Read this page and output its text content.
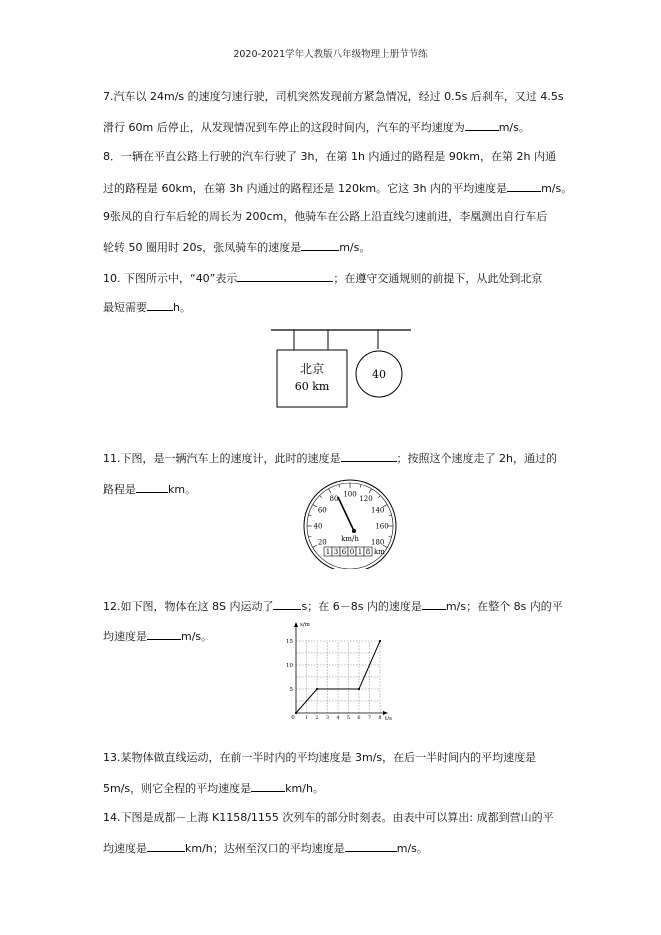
2020-2021学年人教版八年级物理上册节节练
7.汽车以 24m/s 的速度匀速行驶，司机突然发现前方紧急情况，经过 0.5s 后刹车，又过 4.5s
滑行 60m 后停止，从发现情况到车停止的这段时间内，汽车的平均速度为	m/s。
8．一辆在平直公路上行驶的汽车行驶了 3h，在第 1h 内通过的路程是 90km，在第 2h 内通
过的路程是 60km，在第 3h 内通过的路程还是 120km。它这 3h 内的平均速度是	m/s。
9张凤的自行车后轮的周长为 200cm，他骑车在公路上沿直线匀速前进，李凰测出自行车后
轮转 50 圈用时 20s，张凤骑车的速度是	m/s。
10. 下图所示中，“40”表示	；在遵守交通规则的前提下，从此处到北京
最短需要 h。
北京
60 km
40
11.下图，是一辆汽车上的速度计，此时的速度是	；按照这个速度走了 2h，通过的
路程是	km。
20
40
60
80
100
120
140
160
180
km/h
1 3 6 0 1 8 km
12.如下图，物体在这 8S 内运动了	s；在 6－8s 内的速度是 m/s；在整个 8s 内的平
均速度是	m/s。
s/m
t/s
0 1 2 3 4 5 6 7 8
5
10
15
13.某物体做直线运动，在前一半时内的平均速度是 3m/s，在后一半时间内的平均速度是
5m/s，则它全程的平均速度是	km/h。
14.下图是成都－上海 K1158/1155 次列车的部分时刻表。由表中可以算出: 成都到营山的平
均速度是	km/h；达州至汉口的平均速度是	m/s。
